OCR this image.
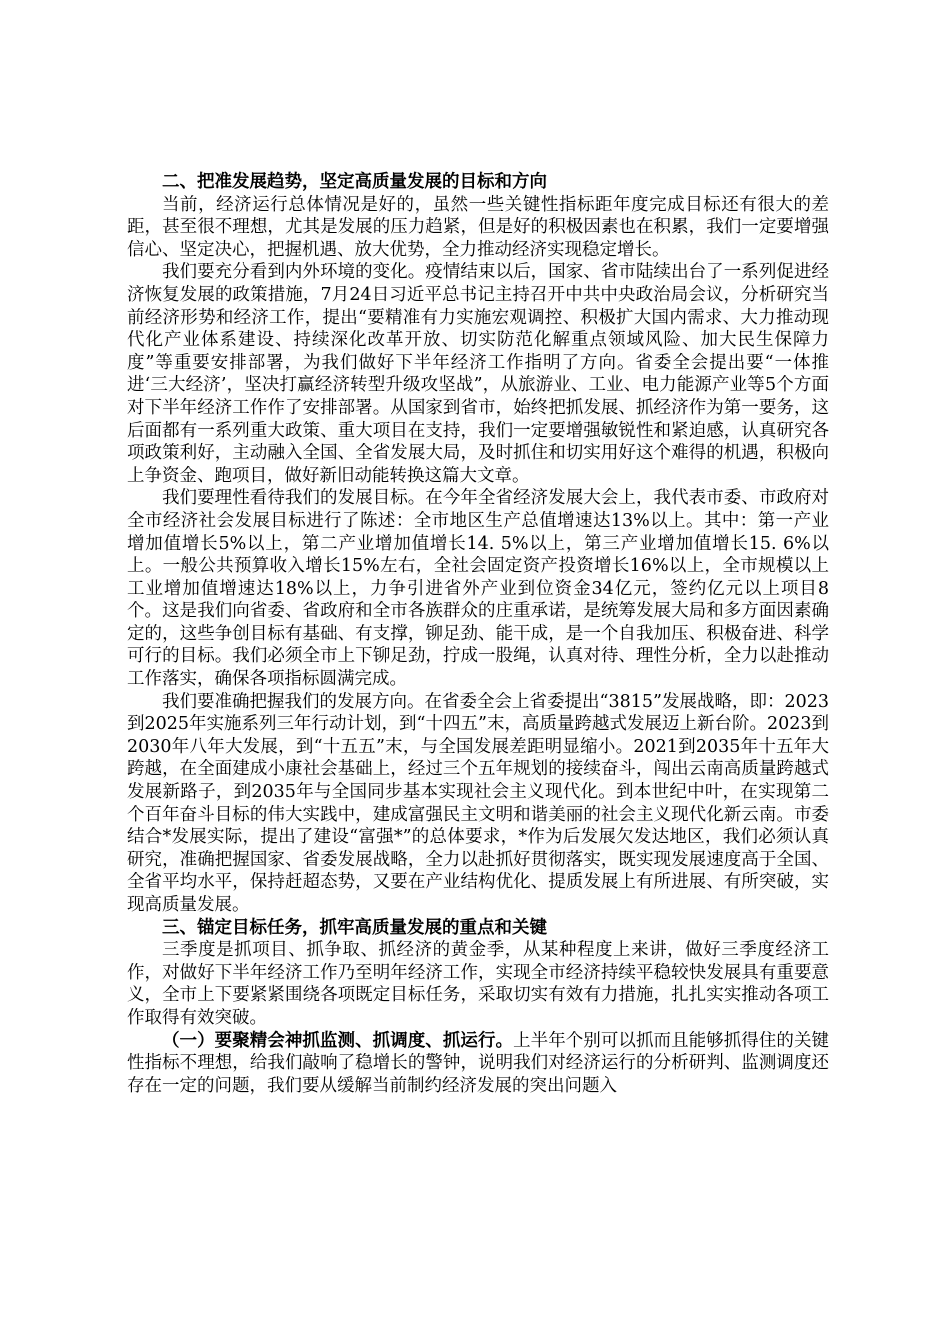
二、把准发展趋势，坚定高质量发展的目标和方向

当前，经济运行总体情况是好的，虽然一些关键性指标距年度完成目标还有很大的差距，甚至很不理想，尤其是发展的压力趋紧，但是好的积极因素也在积累，我们一定要增强信心、坚定决心，把握机遇、放大优势，全力推动经济实现稳定增长。

我们要充分看到内外环境的变化。疫情结束以后，国家、省市陆续出台了一系列促进经济恢复发展的政策措施，7月24日习近平总书记主持召开中共中央政治局会议，分析研究当前经济形势和经济工作，提出“要精准有力实施宏观调控、积极扩大国内需求、大力推动现代化产业体系建设、持续深化改革开放、切实防范化解重点领域风险、加大民生保障力度”等重要安排部署，为我们做好下半年经济工作指明了方向。省委全会提出要“一体推进‘三大经济’，坚决打赢经济转型升级攻坚战”，从旅游业、工业、电力能源产业等5个方面对下半年经济工作作了安排部署。从国家到省市，始终把抓发展、抓经济作为第一要务，这后面都有一系列重大政策、重大项目在支持，我们一定要增强敏锐性和紧迫感，认真研究各项政策利好，主动融入全国、全省发展大局，及时抓住和切实用好这个难得的机遇，积极向上争资金、跑项目，做好新旧动能转换这篇大文章。

我们要理性看待我们的发展目标。在今年全省经济发展大会上，我代表市委、市政府对全市经济社会发展目标进行了陈述：全市地区生产总值增速达13%以上。其中：第一产业增加值增长5%以上，第二产业增加值增长14. 5%以上，第三产业增加值增长15. 6%以上。一般公共预算收入增长15%左右，全社会固定资产投资增长16%以上，全市规模以上工业增加值增速达18%以上，力争引进省外产业到位资金34亿元，签约亿元以上项目8个。这是我们向省委、省政府和全市各族群众的庄重承诺，是统筹发展大局和多方面因素确定的，这些争创目标有基础、有支撑，铆足劲、能干成，是一个自我加压、积极奋进、科学可行的目标。我们必须全市上下铆足劲，拧成一股绳，认真对待、理性分析，全力以赴推动工作落实，确保各项指标圆满完成。

我们要准确把握我们的发展方向。在省委全会上省委提出“3815”发展战略，即：2023到2025年实施系列三年行动计划，到“十四五”末，高质量跨越式发展迈上新台阶。2023到2030年八年大发展，到“十五五”末，与全国发展差距明显缩小。2021到2035年十五年大跨越，在全面建成小康社会基础上，经过三个五年规划的接续奋斗，闯出云南高质量跨越式发展新路子，到2035年与全国同步基本实现社会主义现代化。到本世纪中叶，在实现第二个百年奋斗目标的伟大实践中，建成富强民主文明和谐美丽的社会主义现代化新云南。市委结合*发展实际，提出了建设“富强*”的总体要求，*作为后发展欠发达地区，我们必须认真研究，准确把握国家、省委发展战略，全力以赴抓好贯彻落实，既实现发展速度高于全国、全省平均水平，保持赶超态势，又要在产业结构优化、提质发展上有所进展、有所突破，实现高质量发展。

三、锚定目标任务，抓牢高质量发展的重点和关键

三季度是抓项目、抓争取、抓经济的黄金季，从某种程度上来讲，做好三季度经济工作，对做好下半年经济工作乃至明年经济工作，实现全市经济持续平稳较快发展具有重要意义，全市上下要紧紧围绕各项既定目标任务，采取切实有效有力措施，扎扎实实推动各项工作取得有效突破。

（一）要聚精会神抓监测、抓调度、抓运行。上半年个别可以抓而且能够抓得住的关键性指标不理想，给我们敲响了稳增长的警钟，说明我们对经济运行的分析研判、监测调度还存在一定的问题，我们要从缓解当前制约经济发展的突出问题入
